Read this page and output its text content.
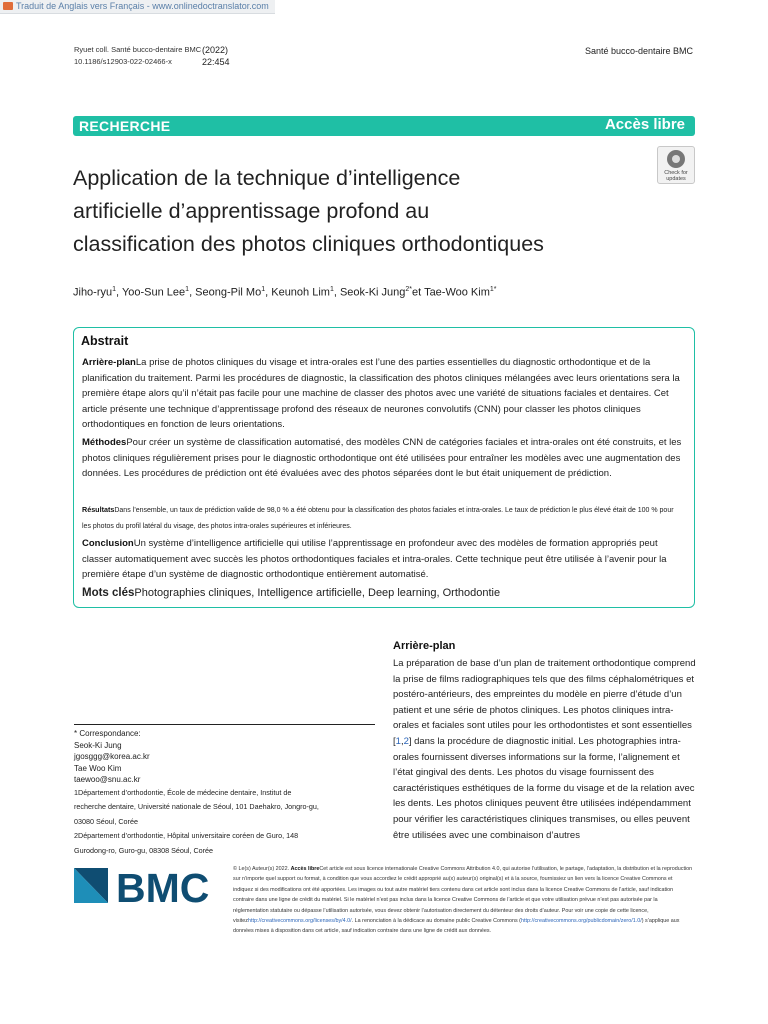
Traduit de Anglais vers Français - www.onlinedoctranslator.com
Ryuet coll. Santé bucco-dentaire BMC (2022) 22:454
10.1186/s12903-022-02466-x
Santé bucco-dentaire BMC
RECHERCHE	Accès libre
Application de la technique d’intelligence
artificielle d’apprentissage profond au
classification des photos cliniques orthodontiques
Check for
updates
Jiho-ryu$^1$, Yoo-Sun Lee$^1$, Seong-Pil Mo$^1$, Keunoh Lim$^1$, Seok-Ki Jung$^{2*}$et Tae-Woo Kim$^{1*}$
Abstrait
Arrière-planLa prise de photos cliniques du visage et intra-orales est l’une des parties essentielles du diagnostic orthodontique et de la planification du traitement. Parmi les procédures de diagnostic, la classification des photos cliniques mélangées avec leurs orientations sera la première étape alors qu’il n’était pas facile pour une machine de classer des photos avec une variété de situations faciales et dentaires. Cet article présente une technique d’apprentissage profond des réseaux de neurones convolutifs (CNN) pour classer les photos cliniques orthodontiques en fonction de leurs orientations.
MéthodesPour créer un système de classification automatisé, des modèles CNN de catégories faciales et intra-orales ont été construits, et les photos cliniques régulièrement prises pour le diagnostic orthodontique ont été utilisées pour entraîner les modèles avec une augmentation des données. Les procédures de prédiction ont été évaluées avec des photos séparées dont le but était uniquement de prédiction.
RésultatsDans l’ensemble, un taux de prédiction valide de 98,0 % a été obtenu pour la classification des photos faciales et intra-orales. Le taux de prédiction le plus élevé était de 100 % pour les photos du profil latéral du visage, des photos intra-orales supérieures et inférieures.
ConclusionUn système d’intelligence artificielle qui utilise l’apprentissage en profondeur avec des modèles de formation appropriés peut classer automatiquement avec succès les photos orthodontiques faciales et intra-orales. Cette technique peut être utilisée à l’avenir pour la première étape d’un système de diagnostic orthodontique entièrement automatisé.
Mots clésPhotographies cliniques, Intelligence artificielle, Deep learning, Orthodontie
Arrière-plan
La préparation de base d’un plan de traitement orthodontique comprend la prise de films radiographiques tels que des films céphalométriques et postéro-antérieurs, des empreintes du modèle en pierre d’étude d’un patient et une série de photos cliniques. Les photos cliniques intra-orales et faciales sont utiles pour les orthodontistes et sont essentielles [1,2] dans la procédure de diagnostic initial. Les photographies intra-orales fournissent diverses informations sur la forme, l’alignement et l’état gingival des dents. Les photos du visage fournissent des caractéristiques esthétiques de la forme du visage et de la relation avec les dents. Les photos cliniques peuvent être utilisées indépendamment pour vérifier les caractéristiques cliniques transmises, ou elles peuvent être utilisées avec une combinaison d’autres
* Correspondance:
Seok-Ki Jung
jgosggg@korea.ac.kr
Tae Woo Kim
taewoo@snu.ac.kr
1Département d’orthodontie, École de médecine dentaire, Institut de
recherche dentaire, Université nationale de Séoul, 101 Daehakro, Jongro-gu,
03080 Séoul, Corée
2Département d’orthodontie, Hôpital universitaire coréen de Guro, 148
Gurodong-ro, Guro-gu, 08308 Séoul, Corée
BMC	© Le(s) Auteur(s) 2022. Accès libreCet article est sous licence internationale Creative Commons Attribution 4.0, qui autorise l’utilisation, le partage, l’adaptation, la distribution et la reproduction sur n’importe quel support ou format, à condition que vous accordiez le crédit approprié au(x) auteur(s) original(s) et à la source, fournissiez un lien vers la licence Creative Commons et indiquez si des modifications ont été apportées. Les images ou tout autre matériel tiers contenu dans cet article sont inclus dans la licence Creative Commons de l’article, sauf indication contraire dans une ligne de crédit du matériel. Si le matériel n’est pas inclus dans la licence Creative Commons de l’article et que votre utilisation prévue n’est pas autorisée par la réglementation statutaire ou dépasse l’utilisation autorisée, vous devez obtenir l’autorisation directement du détenteur des droits d’auteur. Pour voir une copie de cette licence, visitezhttp://creativecommons.org/licenses/by/4.0/. La renonciation à la dédicace au domaine public Creative Commons (http://creativecommons.org/publicdomain/zero/1.0/) s’applique aux données mises à disposition dans cet article, sauf indication contraire dans une ligne de crédit aux données.
